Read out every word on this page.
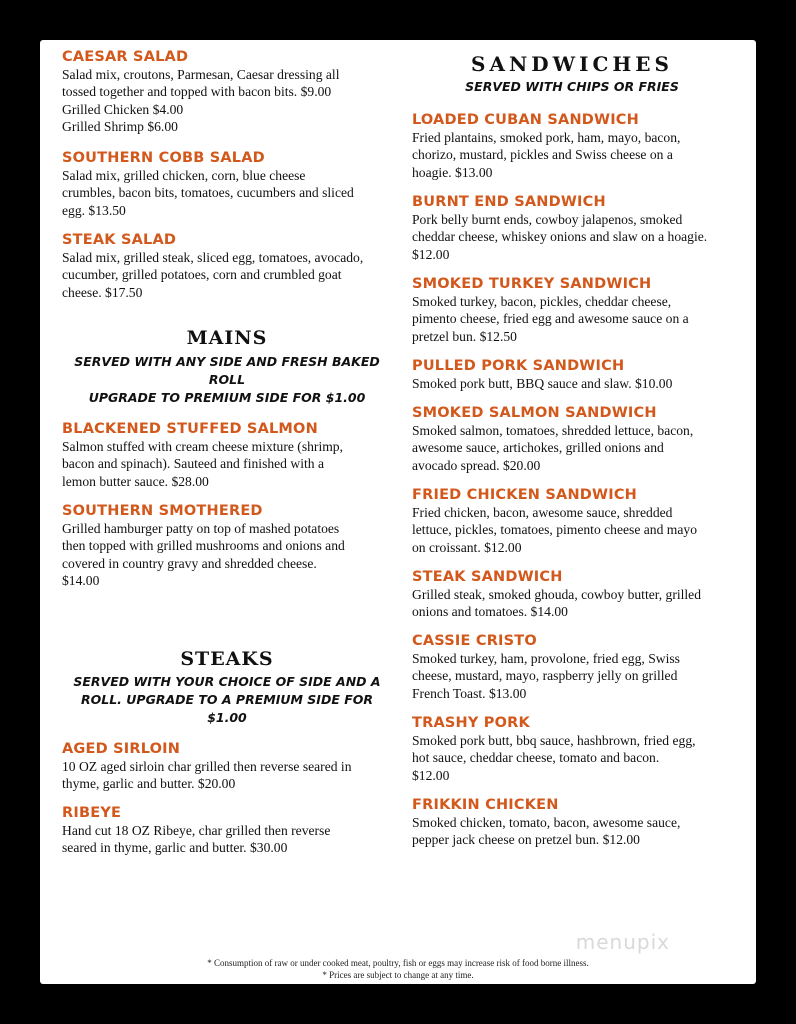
CAESAR SALAD
Salad mix, croutons, Parmesan, Caesar dressing all
tossed together and topped with bacon bits. $9.00
Grilled Chicken $4.00
Grilled Shrimp $6.00
SOUTHERN COBB SALAD
Salad mix, grilled chicken, corn, blue cheese
crumbles, bacon bits, tomatoes, cucumbers and sliced
egg. $13.50
STEAK SALAD
Salad mix, grilled steak, sliced egg, tomatoes, avocado,
cucumber, grilled potatoes, corn and crumbled goat
cheese. $17.50
MAINS
SERVED WITH ANY SIDE AND FRESH BAKED
ROLL
UPGRADE TO PREMIUM SIDE FOR $1.00
BLACKENED STUFFED SALMON
Salmon stuffed with cream cheese mixture (shrimp,
bacon and spinach). Sauteed and finished with a
lemon butter sauce. $28.00
SOUTHERN SMOTHERED
Grilled hamburger patty on top of mashed potatoes
then topped with grilled mushrooms and onions and
covered in country gravy and shredded cheese.
$14.00
STEAKS
SERVED WITH YOUR CHOICE OF SIDE AND A
ROLL. UPGRADE TO A PREMIUM SIDE FOR
$1.00
AGED SIRLOIN
10 OZ aged sirloin char grilled then reverse seared in
thyme, garlic and butter. $20.00
RIBEYE
Hand cut 18 OZ Ribeye, char grilled then reverse
seared in thyme, garlic and butter. $30.00
SANDWICHES
SERVED WITH CHIPS OR FRIES
LOADED CUBAN SANDWICH
Fried plantains, smoked pork, ham, mayo, bacon,
chorizo, mustard, pickles and Swiss cheese on a
hoagie. $13.00
BURNT END SANDWICH
Pork belly burnt ends, cowboy jalapenos, smoked
cheddar cheese, whiskey onions and slaw on a hoagie.
$12.00
SMOKED TURKEY SANDWICH
Smoked turkey, bacon, pickles, cheddar cheese,
pimento cheese, fried egg and awesome sauce on a
pretzel bun. $12.50
PULLED PORK SANDWICH
Smoked pork butt, BBQ sauce and slaw. $10.00
SMOKED SALMON SANDWICH
Smoked salmon, tomatoes, shredded lettuce, bacon,
awesome sauce, artichokes, grilled onions and
avocado spread. $20.00
FRIED CHICKEN SANDWICH
Fried chicken, bacon, awesome sauce, shredded
lettuce, pickles, tomatoes, pimento cheese and mayo
on croissant. $12.00
STEAK SANDWICH
Grilled steak, smoked ghouda, cowboy butter, grilled
onions and tomatoes. $14.00
CASSIE CRISTO
Smoked turkey, ham, provolone, fried egg, Swiss
cheese, mustard, mayo, raspberry jelly on grilled
French Toast. $13.00
TRASHY PORK
Smoked pork butt, bbq sauce, hashbrown, fried egg,
hot sauce, cheddar cheese, tomato and bacon.
$12.00
FRIKKIN CHICKEN
Smoked chicken, tomato, bacon, awesome sauce,
pepper jack cheese on pretzel bun. $12.00
menupix
* Consumption of raw or under cooked meat, poultry, fish or eggs may increase risk of food borne illness.
* Prices are subject to change at any time.
